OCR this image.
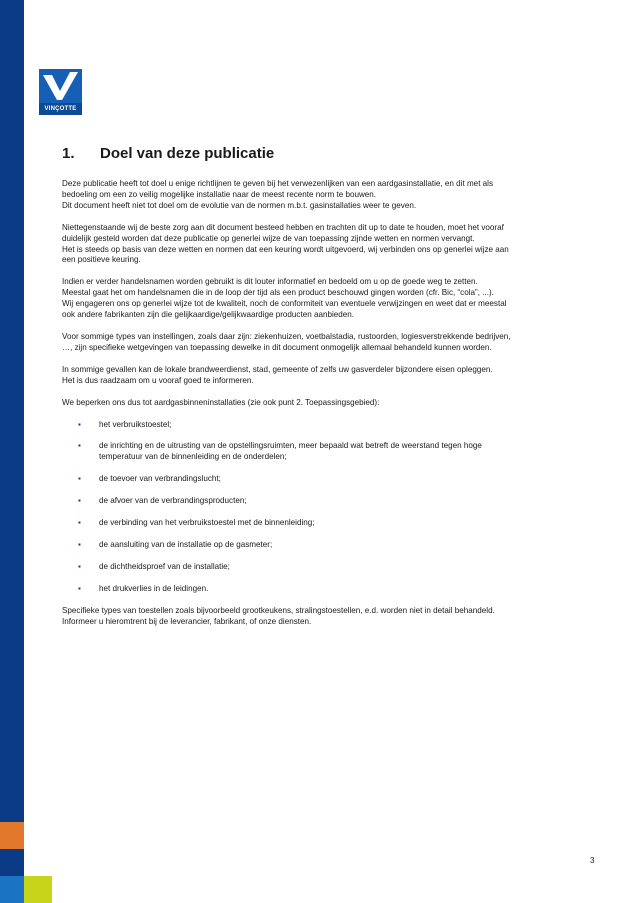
VINÇOTTE
1. Doel van deze publicatie
Deze publicatie heeft tot doel u enige richtlijnen te geven bij het verwezenlijken van een aardgasinstallatie, en dit met als
bedoeling om een zo veilig mogelijke installatie naar de meest recente norm te bouwen.
Dit document heeft niet tot doel om de evolutie van de normen m.b.t. gasinstallaties weer te geven.
Niettegenstaande wij de beste zorg aan dit document besteed hebben en trachten dit up to date te houden, moet het vooraf
duidelijk gesteld worden dat deze publicatie op generlei wijze de van toepassing zijnde wetten en normen vervangt.
Het is steeds op basis van deze wetten en normen dat een keuring wordt uitgevoerd, wij verbinden ons op generlei wijze aan
een positieve keuring.
Indien er verder handelsnamen worden gebruikt is dit louter informatief en bedoeld om u op de goede weg te zetten.
Meestal gaat het om handelsnamen die in de loop der tijd als een product beschouwd gingen worden (cfr. Bic, “cola”, ...).
Wij engageren ons op generlei wijze tot de kwaliteit, noch de conformiteit van eventuele verwijzingen en weet dat er meestal
ook andere fabrikanten zijn die gelijkaardige/gelijkwaardige producten aanbieden.
Voor sommige types van instellingen, zoals daar zijn: ziekenhuizen, voetbalstadia, rustoorden, logiesverstrekkende bedrijven,
…, zijn specifieke wetgevingen van toepassing dewelke in dit document onmogelijk allemaal behandeld kunnen worden.
In sommige gevallen kan de lokale brandweerdienst, stad, gemeente of zelfs uw gasverdeler bijzondere eisen opleggen.
Het is dus raadzaam om u vooraf goed te informeren.
We beperken ons dus tot aardgasbinneninstallaties (zie ook punt 2. Toepassingsgebied):
▪ het verbruikstoestel;
▪ de inrichting en de uitrusting van de opstellingsruimten, meer bepaald wat betreft de weerstand tegen hoge
temperatuur van de binnenleiding en de onderdelen;
▪ de toevoer van verbrandingslucht;
▪ de afvoer van de verbrandingsproducten;
▪ de verbinding van het verbruikstoestel met de binnenleiding;
▪ de aansluiting van de installatie op de gasmeter;
▪ de dichtheidsproef van de installatie;
▪ het drukverlies in de leidingen.
Specifieke types van toestellen zoals bijvoorbeeld grootkeukens, stralingstoestellen, e.d. worden niet in detail behandeld.
Informeer u hieromtrent bij de leverancier, fabrikant, of onze diensten.
3
